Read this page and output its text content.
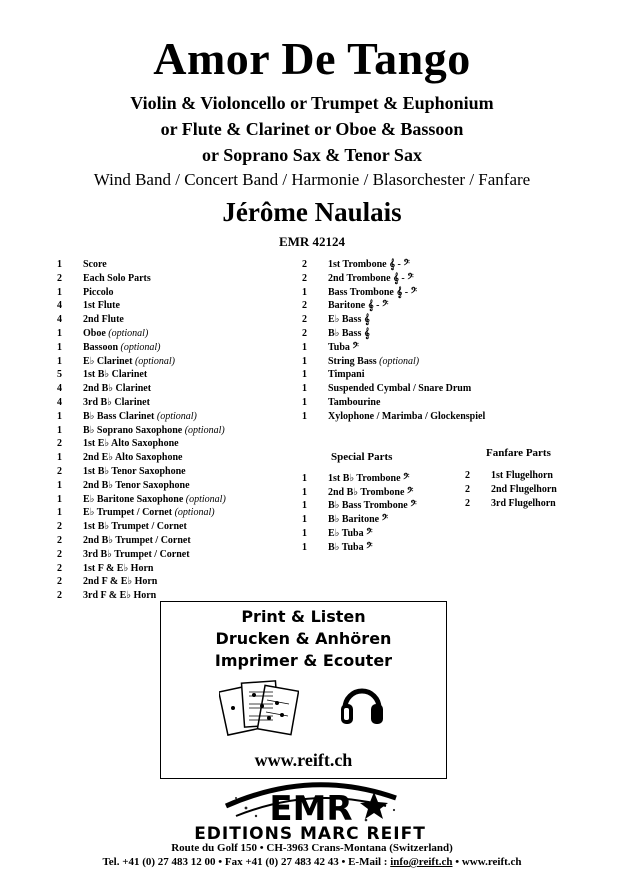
Amor De Tango
Violin & Violoncello or Trumpet & Euphonium
or Flute & Clarinet or Oboe & Bassoon
or Soprano Sax & Tenor Sax
Wind Band / Concert Band / Harmonie / Blasorchester / Fanfare
Jérôme Naulais
EMR 42124
1	Score
2	Each Solo Parts
1	Piccolo
4	1st Flute
4	2nd Flute
1	Oboe (optional)
1	Bassoon (optional)
1	E♭ Clarinet (optional)
5	1st B♭ Clarinet
4	2nd B♭ Clarinet
4	3rd B♭ Clarinet
1	B♭ Bass Clarinet (optional)
1	B♭ Soprano Saxophone (optional)
2	1st E♭ Alto Saxophone
1	2nd E♭ Alto Saxophone
2	1st B♭ Tenor Saxophone
1	2nd B♭ Tenor Saxophone
1	E♭ Baritone Saxophone (optional)
1	E♭ Trumpet / Cornet (optional)
2	1st B♭ Trumpet / Cornet
2	2nd B♭ Trumpet / Cornet
2	3rd B♭ Trumpet / Cornet
2	1st F & E♭ Horn
2	2nd F & E♭ Horn
2	3rd F & E♭ Horn
2	1st Trombone 𝄞 - 𝄢
2	2nd Trombone 𝄞 - 𝄢
1	Bass Trombone 𝄞 - 𝄢
2	Baritone 𝄞 - 𝄢
2	E♭ Bass 𝄞
2	B♭ Bass 𝄞
1	Tuba 𝄢
1	String Bass (optional)
1	Timpani
1	Suspended Cymbal / Snare Drum
1	Tambourine
1	Xylophone / Marimba / Glockenspiel
Special Parts
1	1st B♭ Trombone 𝄢
1	2nd B♭ Trombone 𝄢
1	B♭ Bass Trombone 𝄢
1	B♭ Baritone 𝄢
1	E♭ Tuba 𝄢
1	B♭ Tuba 𝄢
Fanfare Parts
2	1st Flugelhorn
2	2nd Flugelhorn
2	3rd Flugelhorn
Print & Listen
Drucken & Anhören
Imprimer & Ecouter
www.reift.ch
EMR
EDITIONS MARC REIFT
Route du Golf 150 • CH-3963 Crans-Montana (Switzerland)
Tel. +41 (0) 27 483 12 00 • Fax +41 (0) 27 483 42 43 • E-Mail : info@reift.ch • www.reift.ch
